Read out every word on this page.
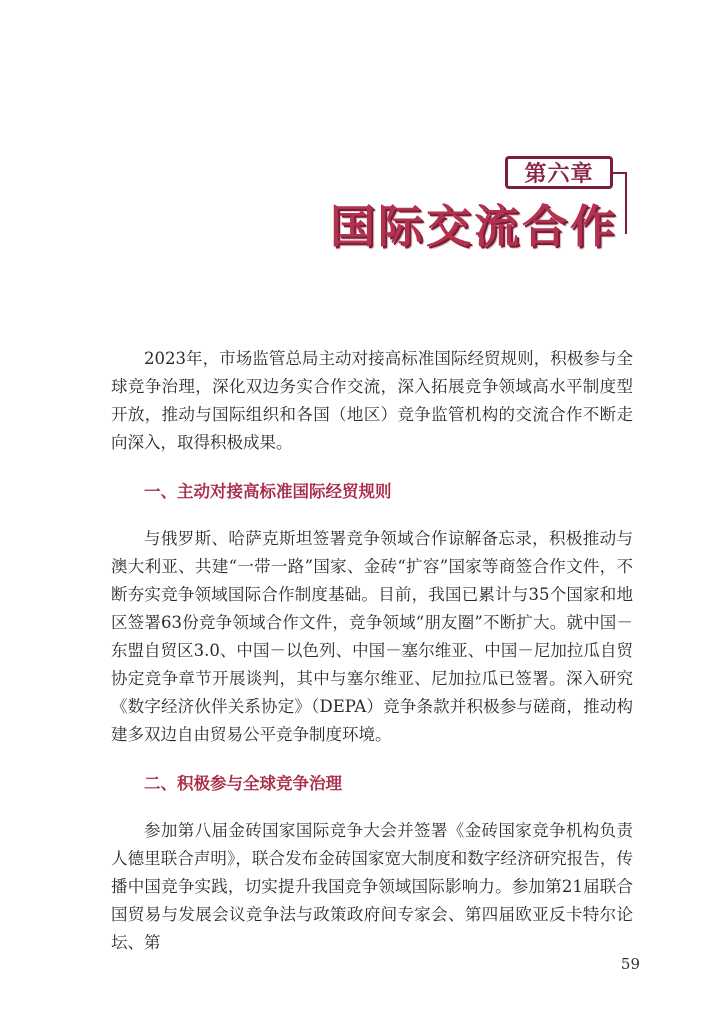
第六章
国际交流合作

2023年，市场监管总局主动对接高标准国际经贸规则，积极参与全球竞争治理，深化双边务实合作交流，深入拓展竞争领域高水平制度型开放，推动与国际组织和各国（地区）竞争监管机构的交流合作不断走向深入，取得积极成果。

一、主动对接高标准国际经贸规则

与俄罗斯、哈萨克斯坦签署竞争领域合作谅解备忘录，积极推动与澳大利亚、共建“一带一路”国家、金砖“扩容”国家等商签合作文件，不断夯实竞争领域国际合作制度基础。目前，我国已累计与35个国家和地区签署63份竞争领域合作文件，竞争领域“朋友圈”不断扩大。就中国－东盟自贸区3.0、中国－以色列、中国－塞尔维亚、中国－尼加拉瓜自贸协定竞争章节开展谈判，其中与塞尔维亚、尼加拉瓜已签署。深入研究《数字经济伙伴关系协定》（DEPA）竞争条款并积极参与磋商，推动构建多双边自由贸易公平竞争制度环境。

二、积极参与全球竞争治理

参加第八届金砖国家国际竞争大会并签署《金砖国家竞争机构负责人德里联合声明》，联合发布金砖国家宽大制度和数字经济研究报告，传播中国竞争实践，切实提升我国竞争领域国际影响力。参加第21届联合国贸易与发展会议竞争法与政策政府间专家会、第四届欧亚反卡特尔论坛、第

59
